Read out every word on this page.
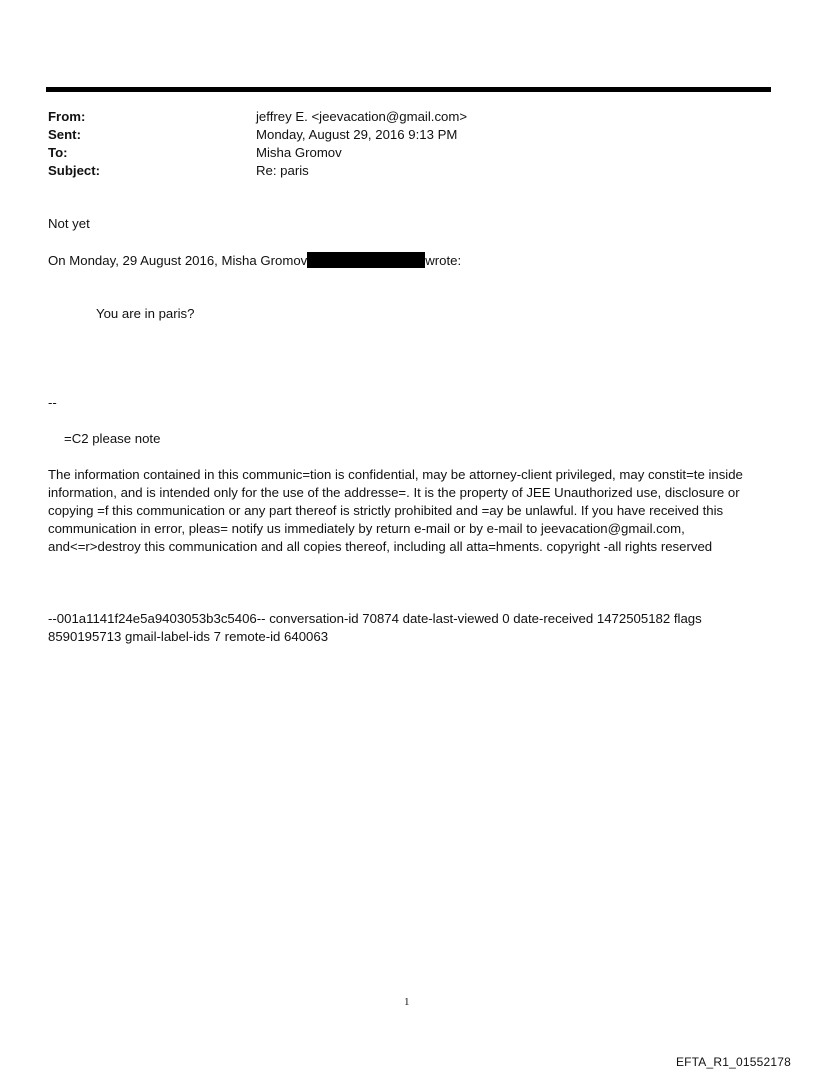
From:	jeffrey E. <jeevacation@gmail.com>
Sent:	Monday, August 29, 2016 9:13 PM
To:	Misha Gromov
Subject:	Re: paris
Not yet
On Monday, 29 August 2016, Misha Gromov	wrote:
You are in paris?
--
=C2 please note
The information contained in this communic=tion is confidential, may be attorney-client privileged, may constit=te inside information, and is intended only for the use of the addresse=. It is the property of JEE Unauthorized use, disclosure or copying =f this communication or any part thereof is strictly prohibited and =ay be unlawful. If you have received this communication in error, pleas= notify us immediately by return e-mail or by e-mail to jeevacation@gmail.com, and<=r>destroy this communication and all copies thereof, including all atta=hments. copyright -all rights reserved
--001a1141f24e5a9403053b3c5406-- conversation-id 70874 date-last-viewed 0 date-received 1472505182 flags 8590195713 gmail-label-ids 7 remote-id 640063
1
EFTA_R1_01552178
